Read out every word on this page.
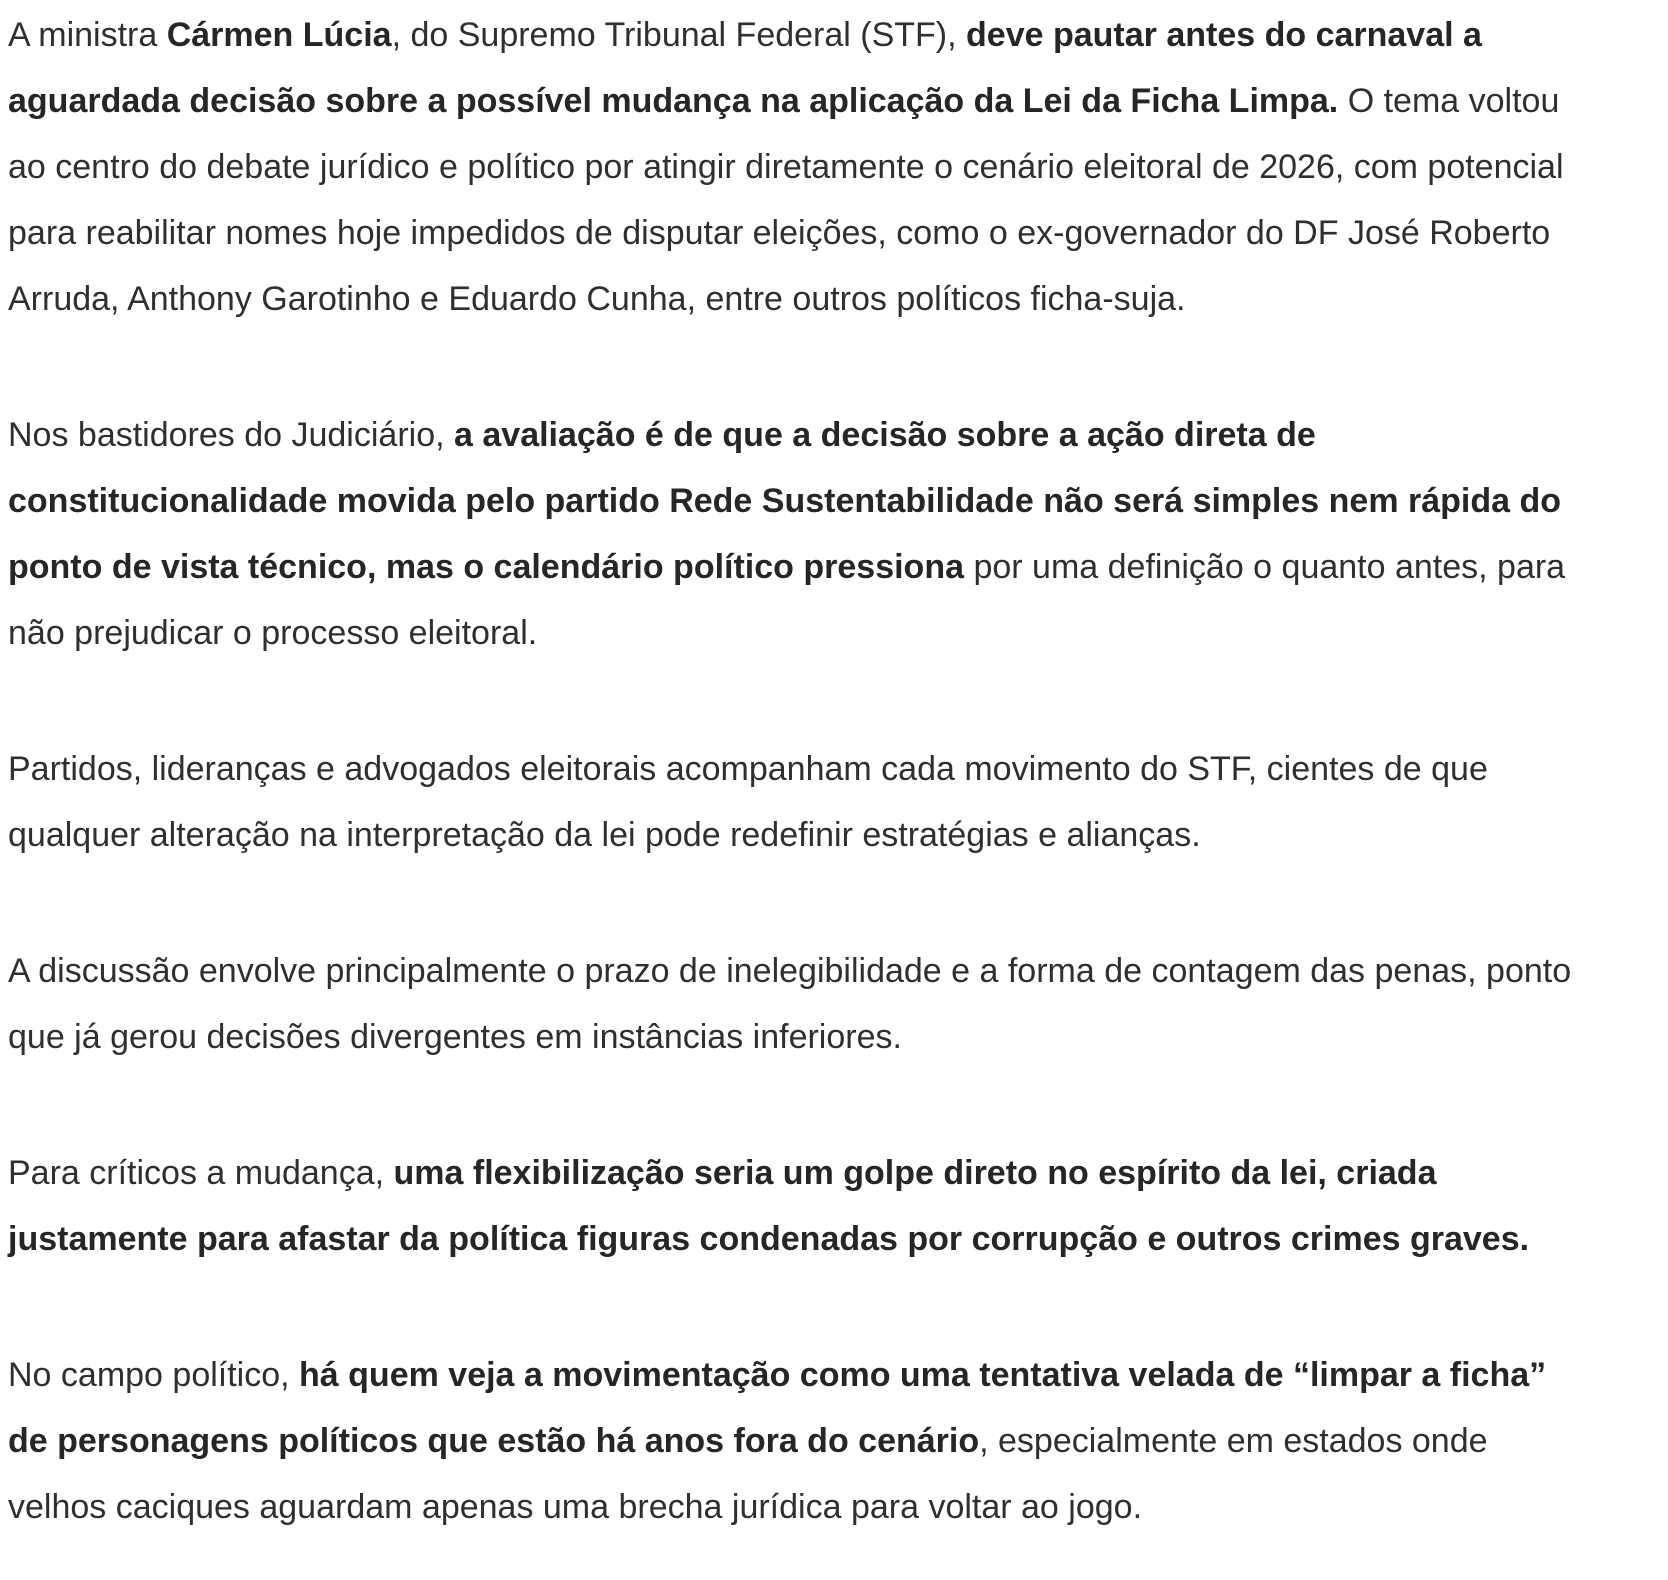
A ministra Cármen Lúcia, do Supremo Tribunal Federal (STF), deve pautar antes do carnaval a aguardada decisão sobre a possível mudança na aplicação da Lei da Ficha Limpa. O tema voltou ao centro do debate jurídico e político por atingir diretamente o cenário eleitoral de 2026, com potencial para reabilitar nomes hoje impedidos de disputar eleições, como o ex-governador do DF José Roberto Arruda, Anthony Garotinho e Eduardo Cunha, entre outros políticos ficha-suja.

Nos bastidores do Judiciário, a avaliação é de que a decisão sobre a ação direta de constitucionalidade movida pelo partido Rede Sustentabilidade não será simples nem rápida do ponto de vista técnico, mas o calendário político pressiona por uma definição o quanto antes, para não prejudicar o processo eleitoral.

Partidos, lideranças e advogados eleitorais acompanham cada movimento do STF, cientes de que qualquer alteração na interpretação da lei pode redefinir estratégias e alianças.

A discussão envolve principalmente o prazo de inelegibilidade e a forma de contagem das penas, ponto que já gerou decisões divergentes em instâncias inferiores.

Para críticos a mudança, uma flexibilização seria um golpe direto no espírito da lei, criada justamente para afastar da política figuras condenadas por corrupção e outros crimes graves.

No campo político, há quem veja a movimentação como uma tentativa velada de “limpar a ficha” de personagens políticos que estão há anos fora do cenário, especialmente em estados onde velhos caciques aguardam apenas uma brecha jurídica para voltar ao jogo.
